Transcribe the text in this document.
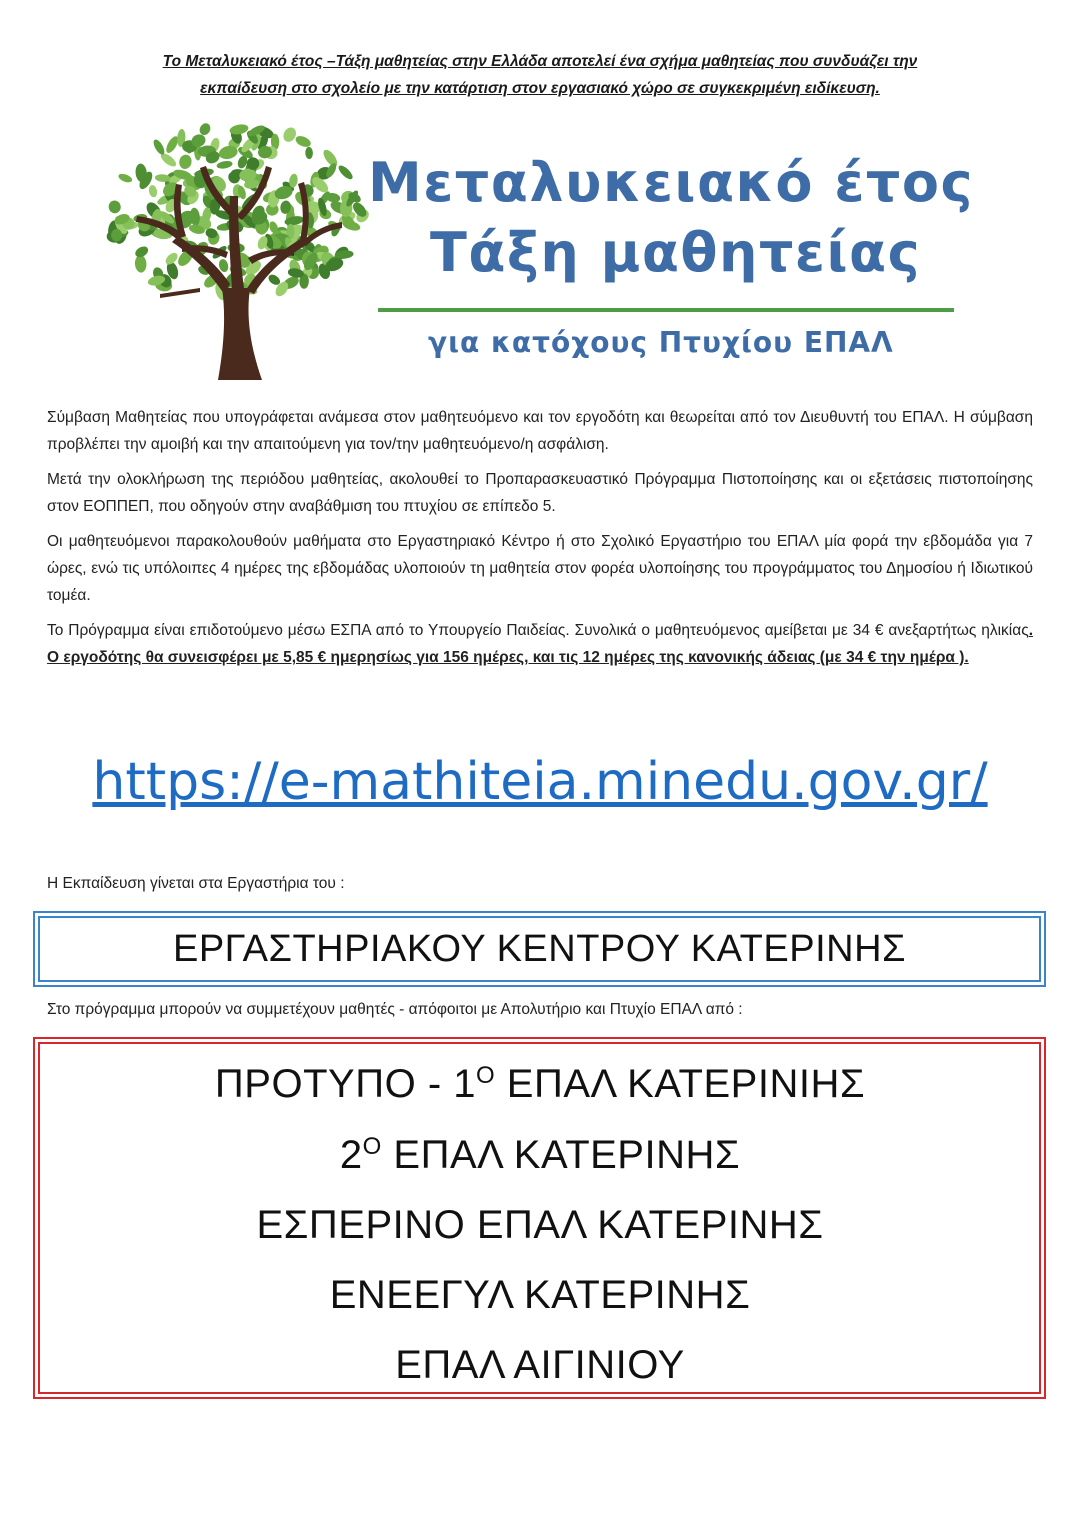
Το Μεταλυκειακό έτος –Τάξη μαθητείας στην Ελλάδα αποτελεί ένα σχήμα μαθητείας που συνδυάζει την
εκπαίδευση στο σχολείο με την κατάρτιση στον εργασιακό χώρο σε συγκεκριμένη ειδίκευση.
Μεταλυκειακό έτος
Τάξη μαθητείας
για κατόχους Πτυχίου ΕΠΑΛ

Σύμβαση Μαθητείας που υπογράφεται ανάμεσα στον μαθητευόμενο και τον εργοδότη και θεωρείται από τον Διευθυντή του ΕΠΑΛ. Η σύμβαση προβλέπει την αμοιβή και την απαιτούμενη για τον/την μαθητευόμενο/η ασφάλιση.

Μετά την ολοκλήρωση της περιόδου μαθητείας, ακολουθεί το Προπαρασκευαστικό Πρόγραμμα Πιστοποίησης και οι εξετάσεις πιστοποίησης στον ΕΟΠΠΕΠ, που οδηγούν στην αναβάθμιση του πτυχίου σε επίπεδο 5.

Οι μαθητευόμενοι παρακολουθούν μαθήματα στο Εργαστηριακό Κέντρο ή στο Σχολικό Εργαστήριο του ΕΠΑΛ μία φορά την εβδομάδα για 7 ώρες, ενώ τις υπόλοιπες 4 ημέρες της εβδομάδας υλοποιούν τη μαθητεία στον φορέα υλοποίησης του προγράμματος του Δημοσίου ή Ιδιωτικού τομέα.

Το Πρόγραμμα είναι επιδοτούμενο μέσω ΕΣΠΑ από το Υπουργείο Παιδείας. Συνολικά ο μαθητευόμενος αμείβεται με 34 € ανεξαρτήτως ηλικίας. Ο εργοδότης θα συνεισφέρει με 5,85 € ημερησίως για 156 ημέρες, και τις 12 ημέρες της κανονικής άδειας (με 34 € την ημέρα ).

https://e-mathiteia.minedu.gov.gr/
Η Εκπαίδευση γίνεται στα Εργαστήρια του :
ΕΡΓΑΣΤΗΡΙΑΚΟΥ ΚΕΝΤΡΟΥ ΚΑΤΕΡΙΝΗΣ
Στο πρόγραμμα μπορούν να συμμετέχουν μαθητές - απόφοιτοι με Απολυτήριο και Πτυχίο ΕΠΑΛ από :
ΠΡΟΤΥΠΟ - $1^O$ ΕΠΑΛ ΚΑΤΕΡΙΝΙΗΣ
$2^O$ ΕΠΑΛ ΚΑΤΕΡΙΝΗΣ
ΕΣΠΕΡΙΝΟ ΕΠΑΛ ΚΑΤΕΡΙΝΗΣ
ΕΝΕΕΓΥΛ ΚΑΤΕΡΙΝΗΣ
ΕΠΑΛ ΑΙΓΙΝΙΟΥ
